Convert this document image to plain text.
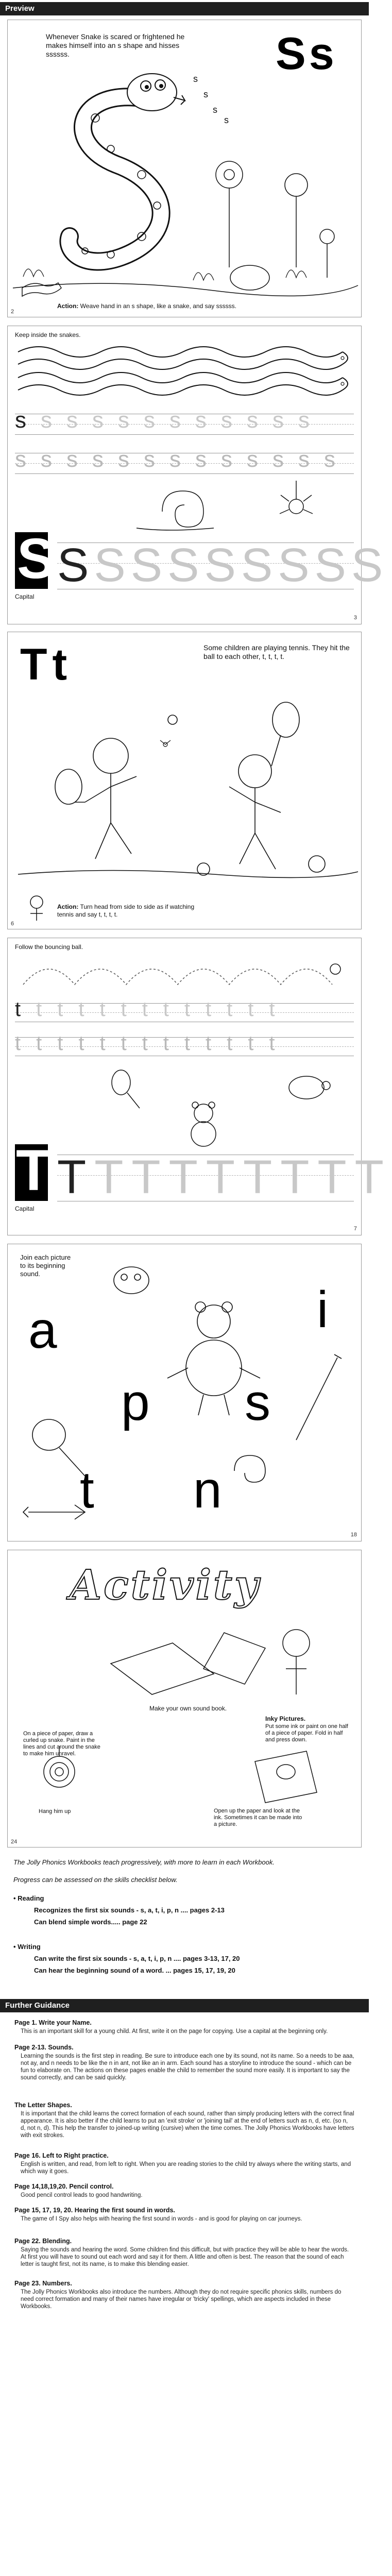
Preview
Whenever Snake is scared or frightened he makes himself into an s shape and hisses ssssss.	Ss
s
s
s
s
Action: Weave hand in an s shape, like a snake, and say ssssss.
2
Keep inside the snakes.
ssssssssssss
sssssssssssss
S
Capital
SSSSSSSSS
3
Tt	Some children are playing tennis. They hit the ball to each other, t, t, t, t.
Action: Turn head from side to side as if watching tennis and say t, t, t, t.
6
Follow the bouncing ball.
ttttttttttttt
ttttttttttttt
T
Capital
TTTTTTTTT
7
Join each picture to its beginning sound.
a
p
n
i
s
t
18
Activity
Make your own sound book.
On a piece of paper, draw a curled up snake. Paint in the lines and cut around the snake to make him unravel.
Hang him up
Inky Pictures.
Put some ink or paint on one half of a piece of paper. Fold in half and press down.
Open up the paper and look at the ink. Sometimes it can be made into a picture.
24
The Jolly Phonics Workbooks teach progressively, with more to learn in each Workbook.
Progress can be assessed on the skills checklist below.
• Reading
Recognizes the first six sounds - s, a, t, i, p, n .... pages 2-13
Can blend simple words..... page 22
• Writing
Can write the first six sounds - s, a, t, i, p, n .... pages 3-13, 17, 20
Can hear the beginning sound of a word. ... pages 15, 17, 19, 20
Further Guidance
Page 1. Write your Name.
This is an important skill for a young child. At first, write it on the page for copying. Use a capital at the beginning only.
Page 2-13. Sounds.
Learning the sounds is the first step in reading. Be sure to introduce each one by its sound, not its name. So a needs to be aaa, not ay, and n needs to be like the n in ant, not like an in arm. Each sound has a storyline to introduce the sound - which can be fun to elaborate on. The actions on these pages enable the child to remember the sound more easily. It is important to say the sound correctly, and can be said quickly.
The Letter Shapes.
It is important that the child learns the correct formation of each sound, rather than simply producing letters with the correct final appearance. It is also better if the child learns to put an 'exit stroke' or 'joining tail' at the end of letters such as n, d, etc. (so n, d, not n, d). This help the transfer to joined-up writing (cursive) when the time comes. The Jolly Phonics Workbooks have letters with exit strokes.
Page 16. Left to Right practice.
English is written, and read, from left to right. When you are reading stories to the child try always where the writing starts, and which way it goes.
Page 14,18,19,20. Pencil control.
Good pencil control leads to good handwriting.
Page 15, 17, 19, 20. Hearing the first sound in words.
The game of I Spy also helps with hearing the first sound in words - and is good for playing on car journeys.
Page 22. Blending.
Saying the sounds and hearing the word. Some children find this difficult, but with practice they will be able to hear the words. At first you will have to sound out each word and say it for them. A little and often is best. The reason that the sound of each letter is taught first, not its name, is to make this blending easier.
Page 23. Numbers.
The Jolly Phonics Workbooks also introduce the numbers. Although they do not require specific phonics skills, numbers do need correct formation and many of their names have irregular or 'tricky' spellings, which are aspects included in these Workbooks.
